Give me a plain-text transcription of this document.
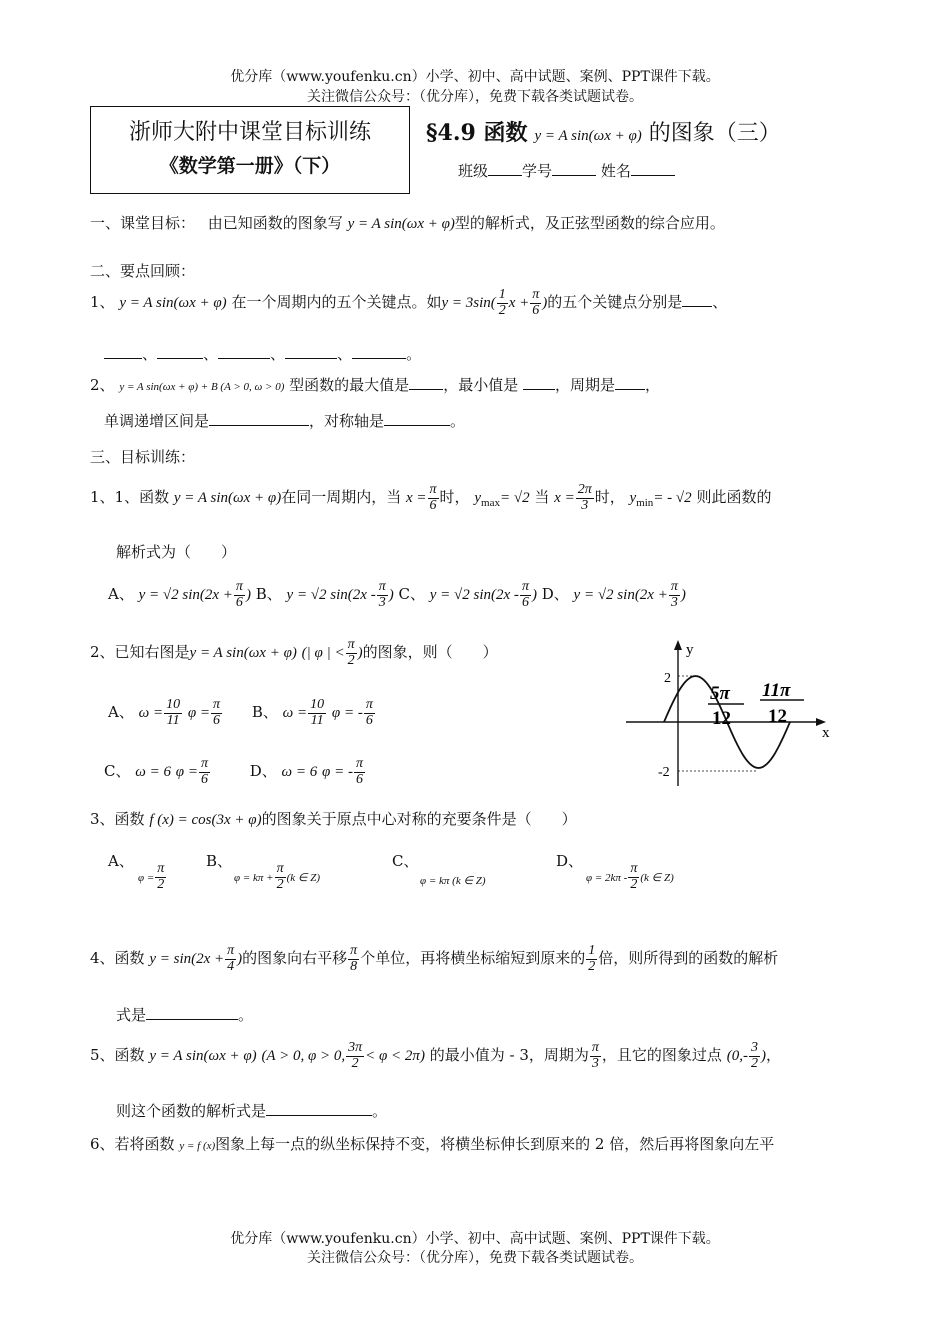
优分库（www.youfenku.cn）小学、初中、高中试题、案例、PPT课件下载。
关注微信公众号：（优分库），免费下载各类试题试卷。
浙师大附中课堂目标训练
《数学第一册》（下）
§4.9 函数 y = A sin(ωx + φ) 的图象（三）
班级 学号	姓名
一、课堂目标： 由已知函数的图象写 y = A sin(ωx + φ)型的解析式，及正弦型函数的综合应用。
二、要点回顾：
1、 y = A sin(ωx + φ) 在一个周期内的五个关键点。如$y = 3\sin( \frac{1}{2}$ $x + \frac{\pi}{6}$ )的五个关键点分别是 、
、	、	、	、	。
2、 y = A sin(ωx + φ) + B (A > 0, ω > 0) 型函数的最大值是 ，最小值是 ，周期是 ，
单调递增区间是	，对称轴是	。
三、目标训练：
1、1、函数 y = A sin(ωx + φ)在同一周期内，当 $x = \frac{\pi}{6}$ 时， $y_{max}= √2$ 当 $x = \frac{2\pi}{3}$ 时， $y_{min}= - √2$ 则此函数的
解析式为（　　）
A、 y = √2 $\sin(2x + \frac{\pi}{6}$ ) B、 y = √2 $\sin(2x - \frac{\pi}{3}$ ) C、 y = √2 $\sin(2x - \frac{\pi}{6}$ ) D、 y = √2 $\sin(2x + \frac{\pi}{3}$ )
2、已知右图是y = A sin(ωx + φ) (| φ | < $\frac{\pi}{2}$ )的图象，则（　　）
A、 $\omega = \frac{10}{11}$ $\varphi = \frac{\pi}{6}$ B、 $\omega = \frac{10}{11}$ φ = - $\frac{\pi}{6}$
C、 ω = 6 $\varphi = \frac{\pi}{6}$	D、 ω = 6 φ = - $\frac{\pi}{6}$
y
x
2
-2
5π
12
11π
12
3、函数 f (x) = cos(3x + φ)的图象关于原点中心对称的充要条件是（　　）
A、
$\varphi = \frac{\pi}{2}$
B、
$\varphi = k\pi + \frac{\pi}{2} (k$ ∈ Z)
C、
φ = kπ (k ∈ Z)
D、
$\varphi = 2k\pi - \frac{\pi}{2} (k$ ∈ Z)
4、函数 $y = \sin(2x + \frac{\pi}{4}$ )的图象向右平移 $\frac{\pi}{8}$ 个单位，再将横坐标缩短到原来的 $\frac{1}{2}$ 倍，则所得到的函数的解析
式是	。
5、函数 y = A sin(ωx + φ) (A > 0, φ > 0, $\frac{3\pi}{2} < \varphi < 2\pi$) 的最小值为 - 3，周期为 $\frac{\pi}{3}$ ，且它的图象过点 ($0,- \frac{3}{2}$ )，
则这个函数的解析式是	。
6、若将函数 y = f (x)图象上每一点的纵坐标保持不变，将横坐标伸长到原来的 2 倍，然后再将图象向左平
优分库（www.youfenku.cn）小学、初中、高中试题、案例、PPT课件下载。
关注微信公众号：（优分库），免费下载各类试题试卷。
